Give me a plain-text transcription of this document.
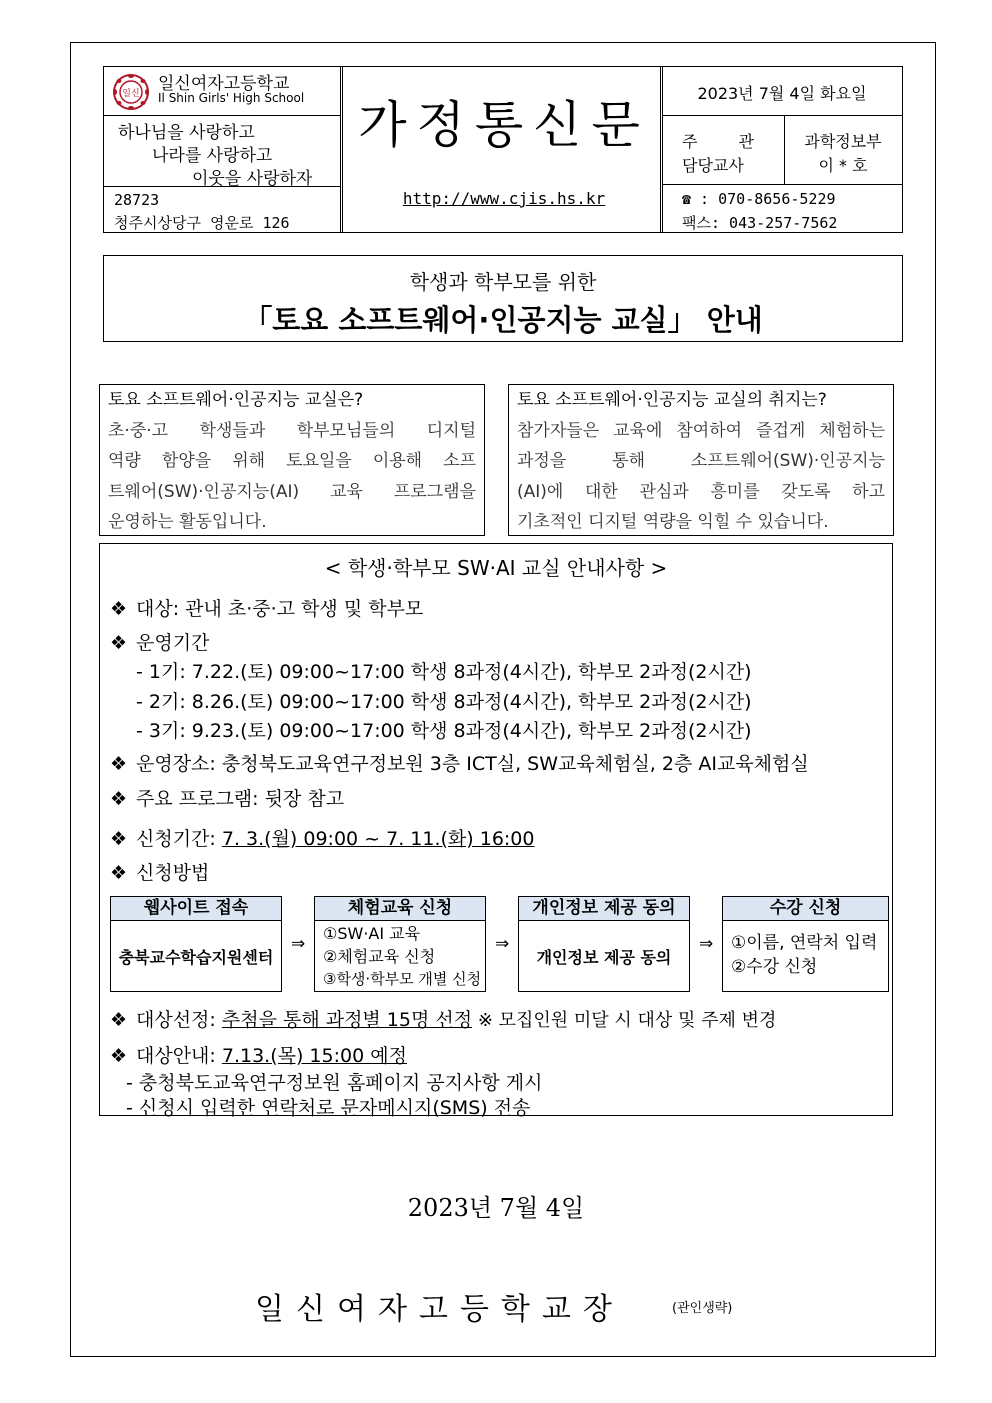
일신 일신여자고등학교
Il Shin Girls' High School
하나님을 사랑하고
나라를 사랑하고
이웃을 사랑하자
28723
청주시상당구 영운로 126
가정통신문
http://www.cjis.hs.kr
2023년 7월 4일 화요일
주 관
담당교사
과학정보부
이 * 호
☎ : 070-8656-5229
팩스: 043-257-7562
학생과 학부모를 위한
「토요 소프트웨어·인공지능 교실」 안내
토요 소프트웨어·인공지능 교실은?
초·중·고 학생들과 학부모님들의 디지털
역량 함양을 위해 토요일을 이용해 소프
트웨어(SW)·인공지능(AI) 교육 프로그램을
운영하는 활동입니다.
토요 소프트웨어·인공지능 교실의 취지는?
참가자들은 교육에 참여하여 즐겁게 체험하는
과정을 통해 소프트웨어(SW)·인공지능
(AI)에 대한 관심과 흥미를 갖도록 하고
기초적인 디지털 역량을 익힐 수 있습니다.
< 학생·학부모 SW·AI 교실 안내사항 >
❖ 대상: 관내 초·중·고 학생 및 학부모
❖ 운영기간
- 1기: 7.22.(토) 09:00~17:00 학생 8과정(4시간), 학부모 2과정(2시간)
- 2기: 8.26.(토) 09:00~17:00 학생 8과정(4시간), 학부모 2과정(2시간)
- 3기: 9.23.(토) 09:00~17:00 학생 8과정(4시간), 학부모 2과정(2시간)
❖ 운영장소: 충청북도교육연구정보원 3층 ICT실, SW교육체험실, 2층 AI교육체험실
❖ 주요 프로그램: 뒷장 참고
❖ 신청기간: 7. 3.(월) 09:00 ~ 7. 11.(화) 16:00
❖ 신청방법
❖ 대상선정: 추첨을 통해 과정별 15명 선정 ※ 모집인원 미달 시 대상 및 주제 변경
❖ 대상안내: 7.13.(목) 15:00 예정
- 충청북도교육연구정보원 홈페이지 공지사항 게시
- 신청시 입력한 연락처로 문자메시지(SMS) 전송
웹사이트 접속
충북교수학습지원센터
⇒
체험교육 신청
①SW·AI 교육
②체험교육 신청
③학생·학부모 개별 신청
⇒
개인정보 제공 동의
개인정보 제공 동의
⇒
수강 신청
①이름, 연락처 입력
②수강 신청
2023년 7월 4일
일신여자고등학교장	(관인생략)
